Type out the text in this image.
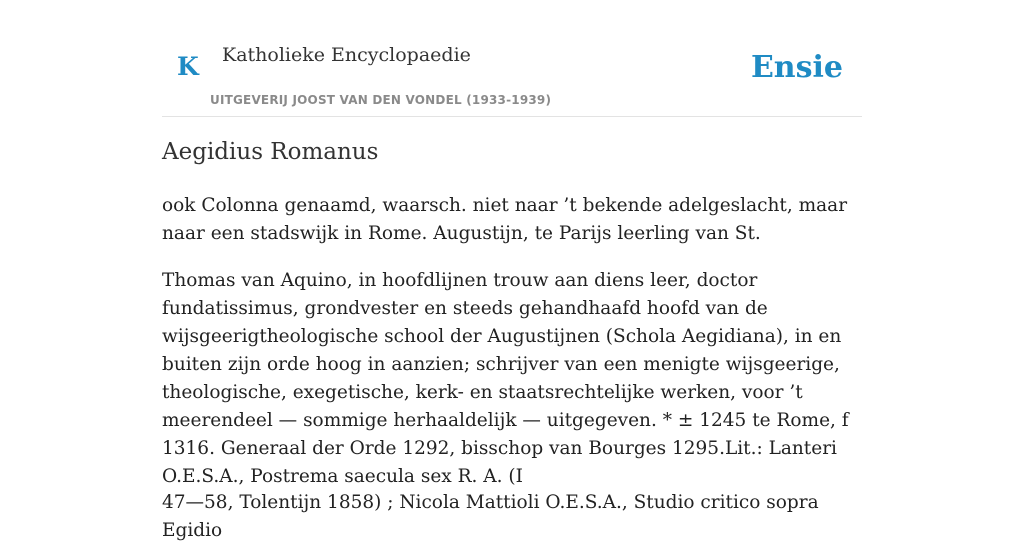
K Katholieke Encyclopaedie
UITGEVERIJ JOOST VAN DEN VONDEL (1933-1939)
Ensie
Aegidius Romanus

ook Colonna genaamd, waarsch. niet naar ’t bekende adelgeslacht, maar naar een stadswijk in Rome. Augustijn, te Parijs leerling van St.

Thomas van Aquino, in hoofdlijnen trouw aan diens leer, doctor fundatissimus, grondvester en steeds gehandhaafd hoofd van de wijsgeerigtheologische school der Augustijnen (Schola Aegidiana), in en buiten zijn orde hoog in aanzien; schrijver van een menigte wijsgeerige, theologische, exegetische, kerk- en staatsrechtelijke werken, voor ’t meerendeel — sommige herhaaldelijk — uitgegeven. * ± 1245 te Rome, f 1316. Generaal der Orde 1292, bisschop van Bourges 1295.Lit.: Lanteri O.E.S.A., Postrema saecula sex R. A. (I

47—58, Tolentijn 1858) ; Nicola Mattioli O.E.S.A., Studio critico sopra Egidio
